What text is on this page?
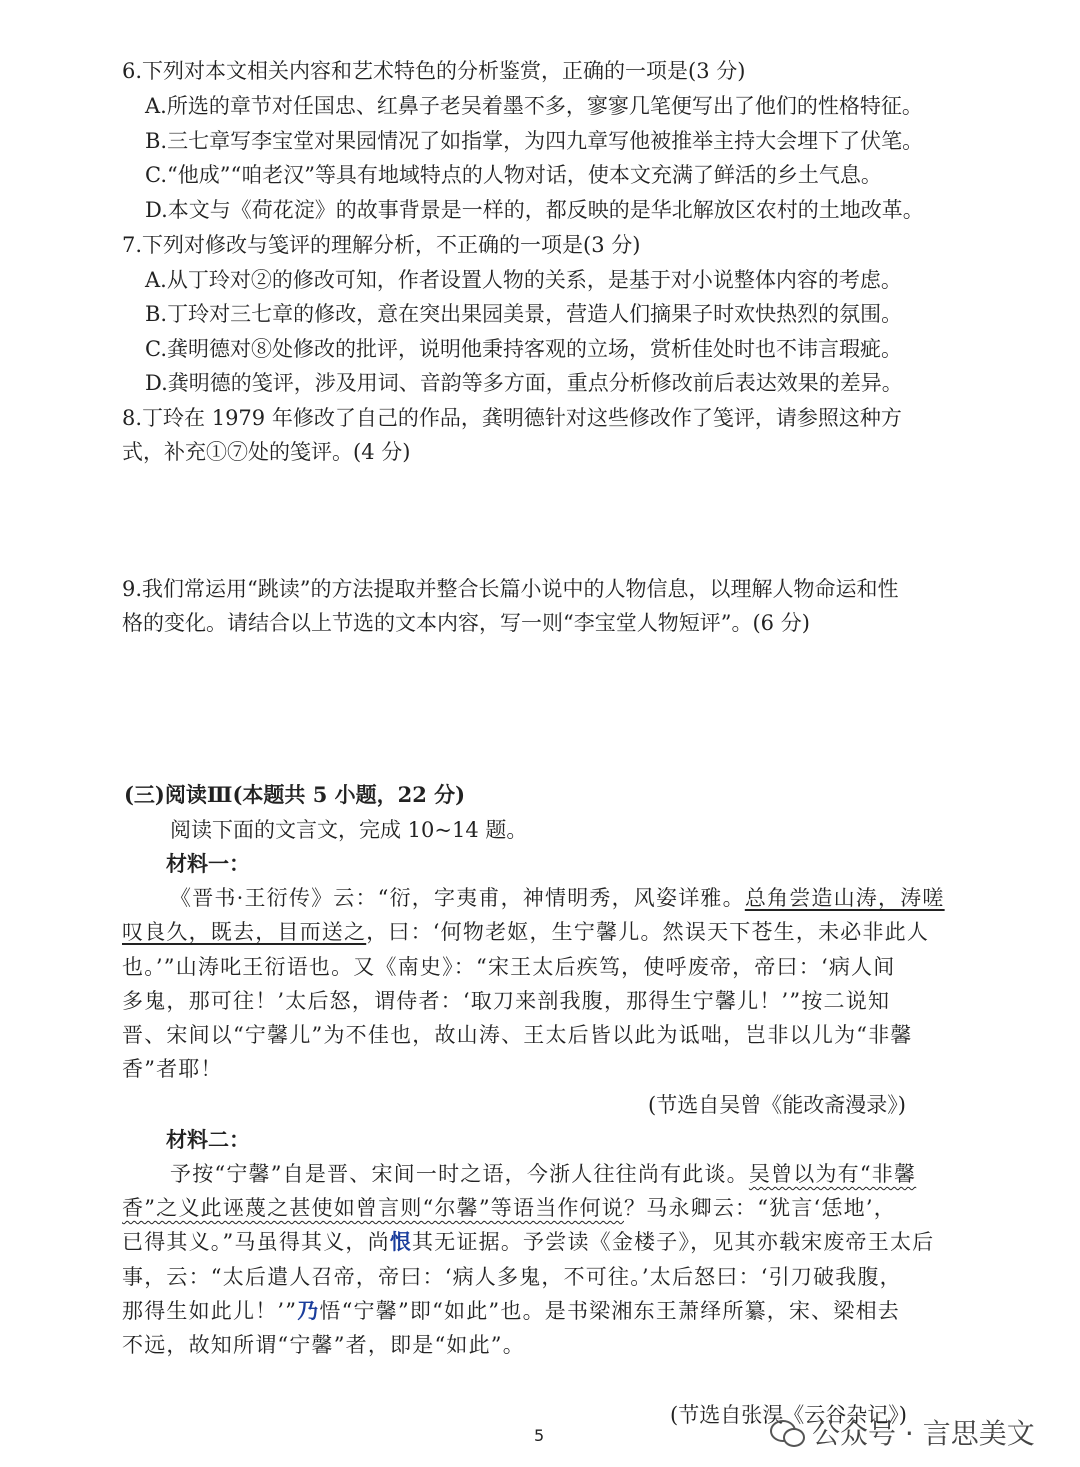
6.下列对本文相关内容和艺术特色的分析鉴赏，正确的一项是(3 分)
A.所选的章节对任国忠、红鼻子老吴着墨不多，寥寥几笔便写出了他们的性格特征。
B.三七章写李宝堂对果园情况了如指掌，为四九章写他被推举主持大会埋下了伏笔。
C.“他成”“咱老汉”等具有地域特点的人物对话，使本文充满了鲜活的乡土气息。
D.本文与《荷花淀》的故事背景是一样的，都反映的是华北解放区农村的土地改革。
7.下列对修改与笺评的理解分析，不正确的一项是(3 分)
A.从丁玲对②的修改可知，作者设置人物的关系，是基于对小说整体内容的考虑。
B.丁玲对三七章的修改，意在突出果园美景，营造人们摘果子时欢快热烈的氛围。
C.龚明德对⑧处修改的批评，说明他秉持客观的立场，赏析佳处时也不讳言瑕疵。
D.龚明德的笺评，涉及用词、音韵等多方面，重点分析修改前后表达效果的差异。
8.丁玲在 1979 年修改了自己的作品，龚明德针对这些修改作了笺评，请参照这种方
式，补充①⑦处的笺评。(4 分)
9.我们常运用“跳读”的方法提取并整合长篇小说中的人物信息，以理解人物命运和性
格的变化。请结合以上节选的文本内容，写一则“李宝堂人物短评”。(6 分)
(三)阅读Ⅲ(本题共 5 小题，22 分)
阅读下面的文言文，完成 10~14 题。
材料一：
《晋书·王衍传》云：“衍，字夷甫，神情明秀，风姿详雅。总角尝造山涛，涛嗟
叹良久，既去，目而送之，曰：‘何物老妪，生宁馨儿。然误天下苍生，未必非此人
也。’”山涛叱王衍语也。又《南史》：“宋王太后疾笃，使呼废帝，帝曰：‘病人间
多鬼，那可往！’太后怒，谓侍者：‘取刀来剖我腹，那得生宁馨儿！’”按二说知
晋、宋间以“宁馨儿”为不佳也，故山涛、王太后皆以此为诋咄，岂非以儿为“非馨
香”者耶！
(节选自吴曾《能改斋漫录》)
材料二：
予按“宁馨”自是晋、宋间一时之语，今浙人往往尚有此谈。吴曾以为有“非馨
香”之义此诬蔑之甚使如曾言则“尔馨”等语当作何说？马永卿云：“犹言‘恁地’，
已得其义。”马虽得其义，尚恨其无证据。予尝读《金楼子》，见其亦载宋废帝王太后
事，云：“太后遣人召帝，帝曰：‘病人多鬼，不可往。’太后怒曰：‘引刀破我腹，
那得生如此儿！’”乃悟“宁馨”即“如此”也。是书梁湘东王萧绎所纂，宋、梁相去
不远，故知所谓“宁馨”者，即是“如此”。
(节选自张淏《云谷杂记》)
5	公众号 · 言思美文
